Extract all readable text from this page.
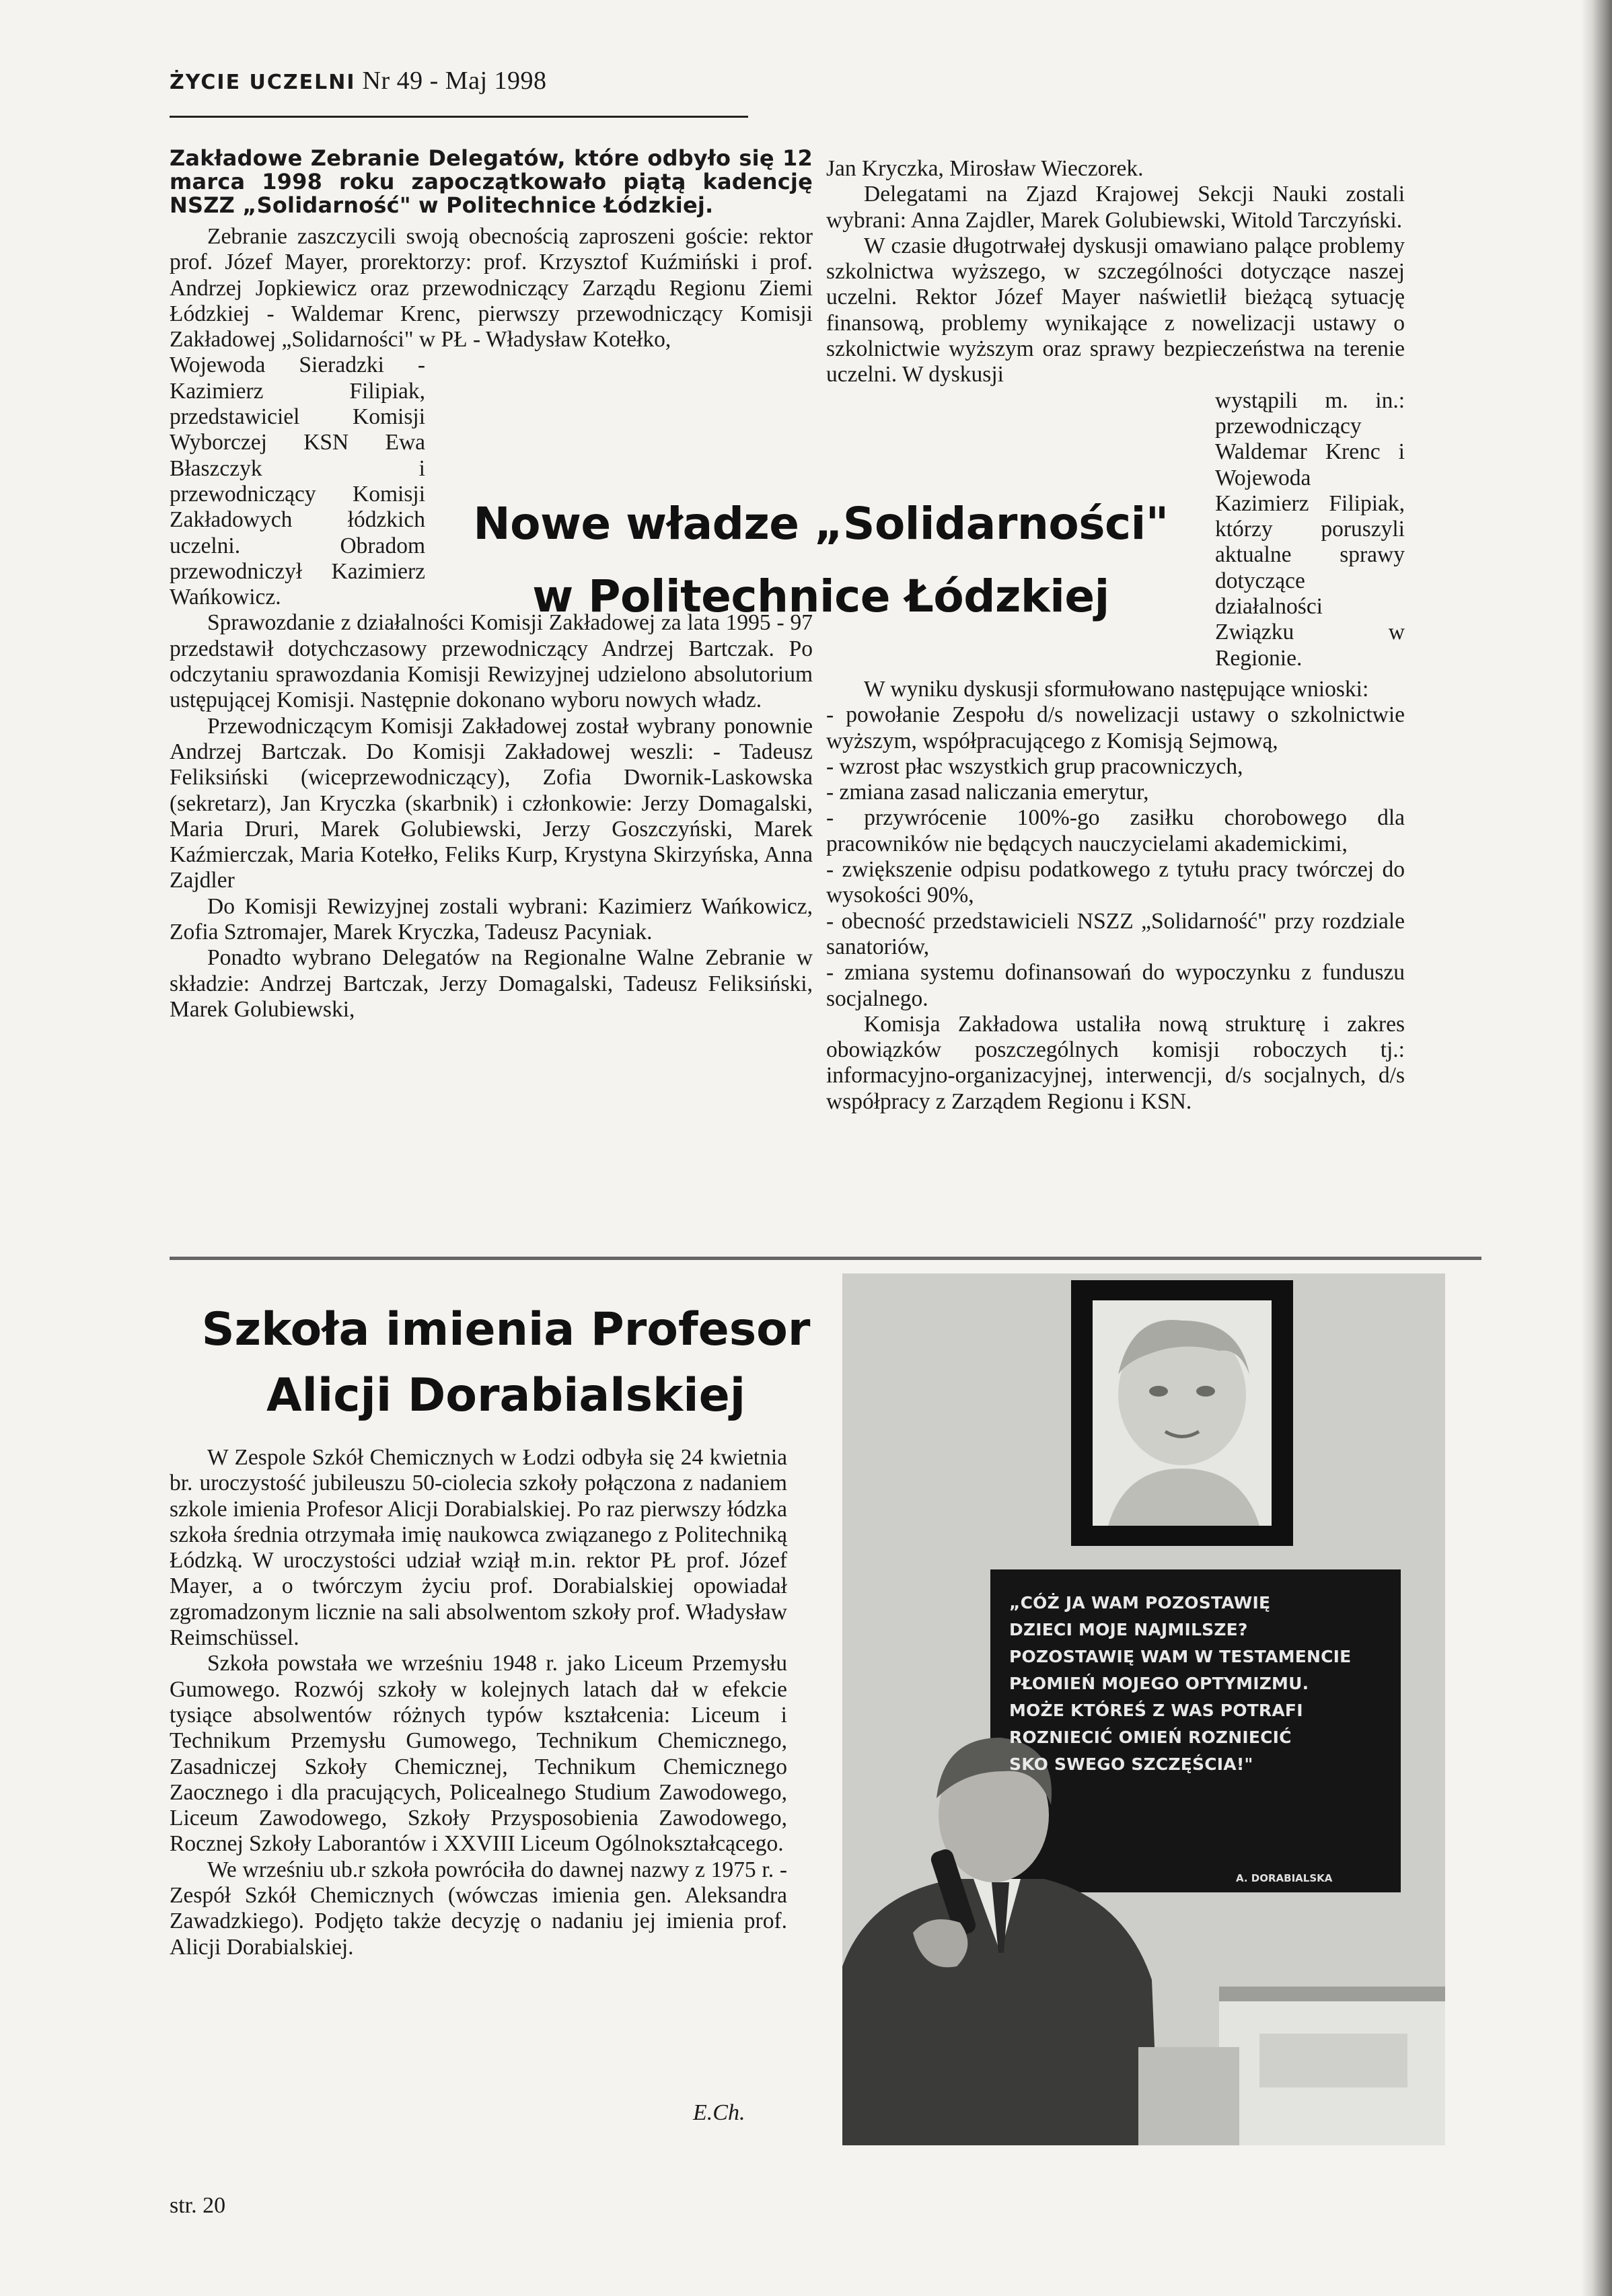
ŻYCIE UCZELNI Nr 49 - Maj 1998

Zakładowe Zebranie Delegatów, które odbyło się 12 marca 1998 roku zapoczątkowało piątą kadencję NSZZ „Solidarność" w Politechnice Łódzkiej.

Zebranie zaszczycili swoją obecnością zaproszeni goście: rektor prof. Józef Mayer, prorektorzy: prof. Krzysztof Kuźmiński i prof. Andrzej Jopkiewicz oraz przewodniczący Zarządu Regionu Ziemi Łódzkiej - Waldemar Krenc, pierwszy przewodniczący Komisji Zakładowej „Solidarności" w PŁ - Władysław Kotełko,

Wojewoda Sieradzki - Kazimierz Filipiak, przedstawiciel Komisji Wyborczej KSN Ewa Błaszczyk i przewodniczący Komisji Zakładowych łódzkich uczelni. Obradom przewodniczył Kazimierz Wańkowicz.

Sprawozdanie z działalności Komisji Zakładowej za lata 1995 - 97 przedstawił dotychczasowy przewodniczący Andrzej Bartczak. Po odczytaniu sprawozdania Komisji Rewizyjnej udzielono absolutorium ustępującej Komisji. Następnie dokonano wyboru nowych władz.

Przewodniczącym Komisji Zakładowej został wybrany ponownie Andrzej Bartczak. Do Komisji Zakładowej weszli: - Tadeusz Feliksiński (wiceprzewodniczący), Zofia Dwornik-Laskowska (sekretarz), Jan Kryczka (skarbnik) i członkowie: Jerzy Domagalski, Maria Druri, Marek Golubiewski, Jerzy Goszczyński, Marek Kaźmierczak, Maria Kotełko, Feliks Kurp, Krystyna Skirzyńska, Anna Zajdler

Do Komisji Rewizyjnej zostali wybrani: Kazimierz Wańkowicz, Zofia Sztromajer, Marek Kryczka, Tadeusz Pacyniak.

Ponadto wybrano Delegatów na Regionalne Walne Zebranie w składzie: Andrzej Bartczak, Jerzy Domagalski, Tadeusz Feliksiński, Marek Golubiewski,

Nowe władze „Solidarności"
w Politechnice Łódzkiej

Jan Kryczka, Mirosław Wieczorek.

Delegatami na Zjazd Krajowej Sekcji Nauki zostali wybrani: Anna Zajdler, Marek Golubiewski, Witold Tarczyński.

W czasie długotrwałej dyskusji omawiano palące problemy szkolnictwa wyższego, w szczególności dotyczące naszej uczelni. Rektor Józef Mayer naświetlił bieżącą sytuację finansową, problemy wynikające z nowelizacji ustawy o szkolnictwie wyższym oraz sprawy bezpieczeństwa na terenie uczelni. W dyskusji

wystąpili m. in.: przewodniczący Waldemar Krenc i Wojewoda Kazimierz Filipiak, którzy poruszyli aktualne sprawy dotyczące działalności Związku w Regionie.

W wyniku dyskusji sformułowano następujące wnioski:

- powołanie Zespołu d/s nowelizacji ustawy o szkolnictwie wyższym, współpracującego z Komisją Sejmową,

- wzrost płac wszystkich grup pracowniczych,

- zmiana zasad naliczania emerytur,

- przywrócenie 100%-go zasiłku chorobowego dla pracowników nie będących nauczycielami akademickimi,

- zwiększenie odpisu podatkowego z tytułu pracy twórczej do wysokości 90%,

- obecność przedstawicieli NSZZ „Solidarność" przy rozdziale sanatoriów,

- zmiana systemu dofinansowań do wypoczynku z funduszu socjalnego.

Komisja Zakładowa ustaliła nową strukturę i zakres obowiązków poszczególnych komisji roboczych tj.: informacyjno-organizacyjnej, interwencji, d/s socjalnych, d/s współpracy z Zarządem Regionu i KSN.

Szkoła imienia Profesor
Alicji Dorabialskiej

W Zespole Szkół Chemicznych w Łodzi odbyła się 24 kwietnia br. uroczystość jubileuszu 50-ciolecia szkoły połączona z nadaniem szkole imienia Profesor Alicji Dorabialskiej. Po raz pierwszy łódzka szkoła średnia otrzymała imię naukowca związanego z Politechniką Łódzką. W uroczystości udział wziął m.in. rektor PŁ prof. Józef Mayer, a o twórczym życiu prof. Dorabialskiej opowiadał zgromadzonym licznie na sali absolwentom szkoły prof. Władysław Reimschüssel.

Szkoła powstała we wrześniu 1948 r. jako Liceum Przemysłu Gumowego. Rozwój szkoły w kolejnych latach dał w efekcie tysiące absolwentów różnych typów kształcenia: Liceum i Technikum Przemysłu Gumowego, Technikum Chemicznego, Zasadniczej Szkoły Chemicznej, Technikum Chemicznego Zaocznego i dla pracujących, Policealnego Studium Zawodowego, Liceum Zawodowego, Szkoły Przysposobienia Zawodowego, Rocznej Szkoły Laborantów i XXVIII Liceum Ogólnokształcącego.

We wrześniu ub.r szkoła powróciła do dawnej nazwy z 1975 r. - Zespół Szkół Chemicznych (wówczas imienia gen. Aleksandra Zawadzkiego). Podjęto także decyzję o nadaniu jej imienia prof. Alicji Dorabialskiej.

E.Ch.
„CÓŻ JA WAM POZOSTAWIĘ
DZIECI MOJE NAJMILSZE?
POZOSTAWIĘ WAM W TESTAMENCIE
PŁOMIEŃ MOJEGO OPTYMIZMU.
MOŻE KTÓREŚ Z WAS POTRAFI
ROZNIECIĆ OMIEŃ ROZNIECIĆ
SKO SWEGO SZCZĘŚCIA!"
A. DORABIALSKA
str. 20
